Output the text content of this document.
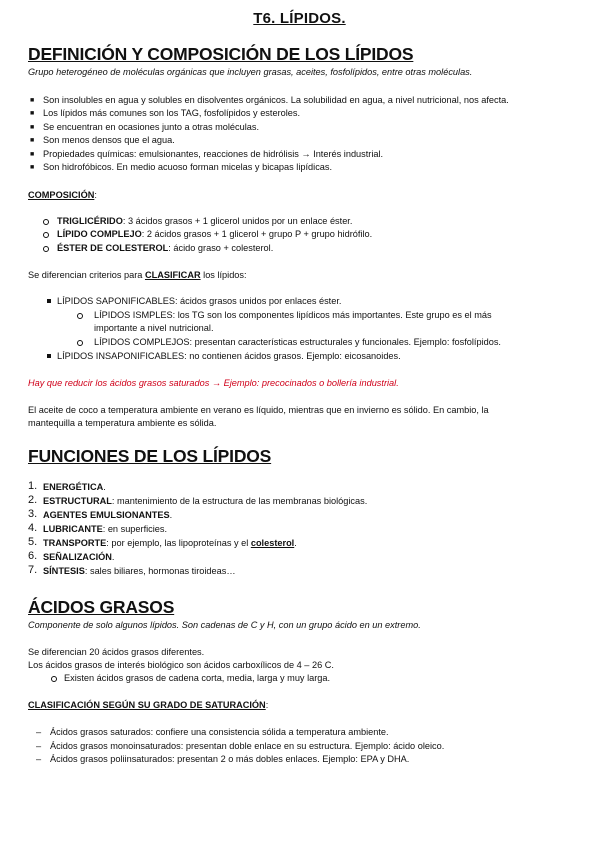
T6. LÍPIDOS.
DEFINICIÓN Y COMPOSICIÓN DE LOS LÍPIDOS
Grupo heterogéneo de moléculas orgánicas que incluyen grasas, aceites, fosfolípidos, entre otras moléculas.
■ Son insolubles en agua y solubles en disolventes orgánicos. La solubilidad en agua, a nivel nutricional, nos afecta.
■ Los lípidos más comunes son los TAG, fosfolípidos y esteroles.
■ Se encuentran en ocasiones junto a otras moléculas.
■ Son menos densos que el agua.
■ Propiedades químicas: emulsionantes, reacciones de hidrólisis → Interés industrial.
■ Son hidrofóbicos. En medio acuoso forman micelas y bicapas lipídicas.
COMPOSICIÓN:
TRIGLICÉRIDO: 3 ácidos grasos + 1 glicerol unidos por un enlace éster.
LÍPIDO COMPLEJO: 2 ácidos grasos + 1 glicerol + grupo P + grupo hidrófilo.
ÉSTER DE COLESTEROL: ácido graso + colesterol.
Se diferencian criterios para CLASIFICAR los lípidos:
LÍPIDOS SAPONIFICABLES: ácidos grasos unidos por enlaces éster.
LÍPIDOS ISMPLES: los TG son los componentes lipídicos más importantes. Este grupo es el más
importante a nivel nutricional.
LÍPIDOS COMPLEJOS: presentan características estructurales y funcionales. Ejemplo: fosfolípidos.
LÍPIDOS INSAPONIFICABLES: no contienen ácidos grasos. Ejemplo: eicosanoides.
Hay que reducir los ácidos grasos saturados → Ejemplo: precocinados o bollería industrial.
El aceite de coco a temperatura ambiente en verano es líquido, mientras que en invierno es sólido. En cambio, la
mantequilla a temperatura ambiente es sólida.
FUNCIONES DE LOS LÍPIDOS
1. ENERGÉTICA.
2. ESTRUCTURAL: mantenimiento de la estructura de las membranas biológicas.
3. AGENTES EMULSIONANTES.
4. LUBRICANTE: en superficies.
5. TRANSPORTE: por ejemplo, las lipoproteínas y el colesterol.
6. SEÑALIZACIÓN.
7. SÍNTESIS: sales biliares, hormonas tiroideas…
ÁCIDOS GRASOS
Componente de solo algunos lípidos. Son cadenas de C y H, con un grupo ácido en un extremo.
Se diferencian 20 ácidos grasos diferentes.
Los ácidos grasos de interés biológico son ácidos carboxílicos de 4 – 26 C.
Existen ácidos grasos de cadena corta, media, larga y muy larga.
CLASIFICACIÓN SEGÚN SU GRADO DE SATURACIÓN:
– Ácidos grasos saturados: confiere una consistencia sólida a temperatura ambiente.
– Ácidos grasos monoinsaturados: presentan doble enlace en su estructura. Ejemplo: ácido oleico.
– Ácidos grasos poliinsaturados: presentan 2 o más dobles enlaces. Ejemplo: EPA y DHA.
